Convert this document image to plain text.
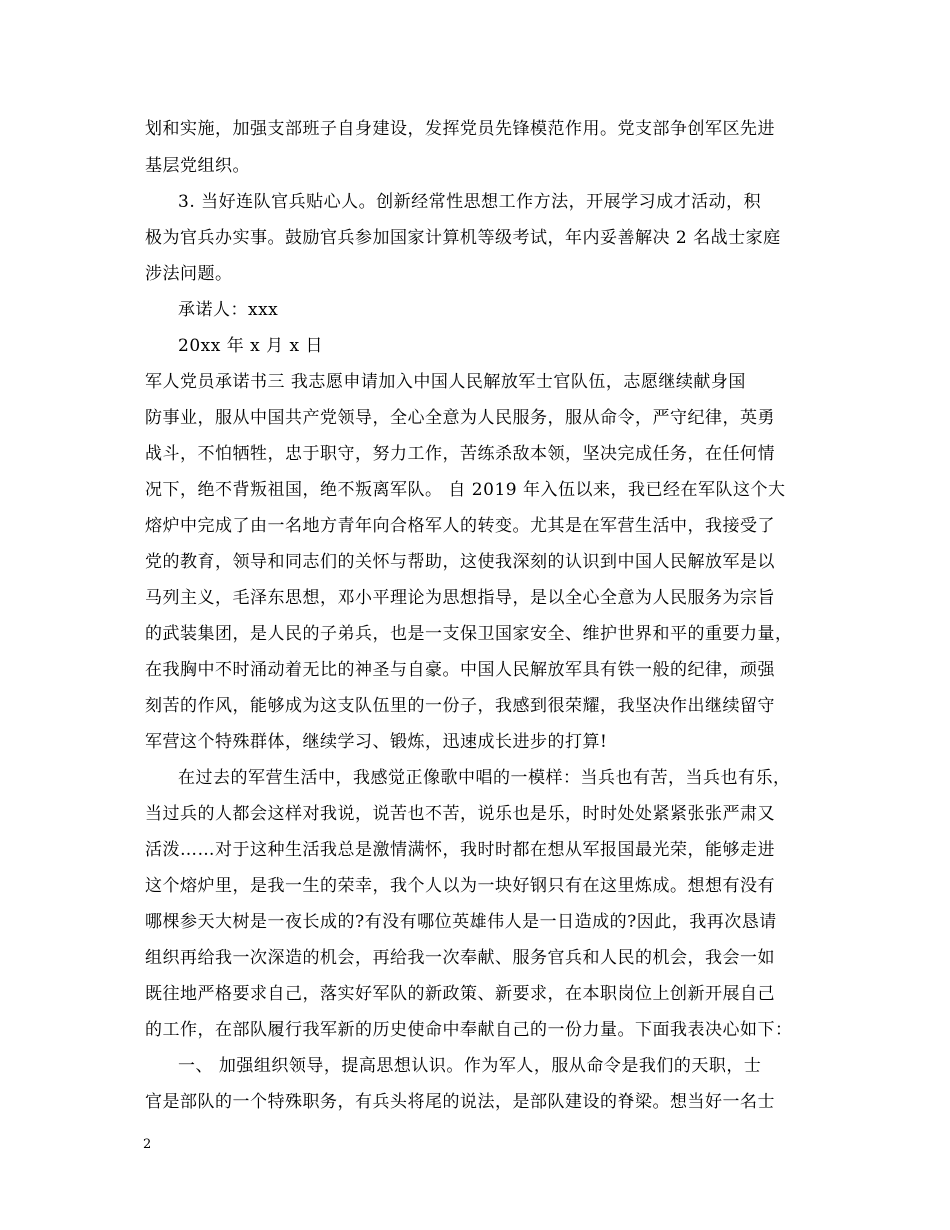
划和实施，加强支部班子自身建设，发挥党员先锋模范作用。党支部争创军区先进
基层党组织。
3. 当好连队官兵贴心人。创新经常性思想工作方法，开展学习成才活动，积
极为官兵办实事。鼓励官兵参加国家计算机等级考试，年内妥善解决 2 名战士家庭
涉法问题。
承诺人：xxx
20xx 年 x 月 x 日
军人党员承诺书三 我志愿申请加入中国人民解放军士官队伍，志愿继续献身国
防事业，服从中国共产党领导，全心全意为人民服务，服从命令，严守纪律，英勇
战斗，不怕牺牲，忠于职守，努力工作，苦练杀敌本领，坚决完成任务，在任何情
况下，绝不背叛祖国，绝不叛离军队。 自 2019 年入伍以来，我已经在军队这个大
熔炉中完成了由一名地方青年向合格军人的转变。尤其是在军营生活中，我接受了
党的教育，领导和同志们的关怀与帮助，这使我深刻的认识到中国人民解放军是以
马列主义，毛泽东思想，邓小平理论为思想指导，是以全心全意为人民服务为宗旨
的武装集团，是人民的子弟兵，也是一支保卫国家安全、维护世界和平的重要力量，
在我胸中不时涌动着无比的神圣与自豪。中国人民解放军具有铁一般的纪律，顽强
刻苦的作风，能够成为这支队伍里的一份子，我感到很荣耀，我坚决作出继续留守
军营这个特殊群体，继续学习、锻炼，迅速成长进步的打算!
在过去的军营生活中，我感觉正像歌中唱的一模样：当兵也有苦，当兵也有乐，
当过兵的人都会这样对我说，说苦也不苦，说乐也是乐，时时处处紧紧张张严肃又
活泼……对于这种生活我总是激情满怀，我时时都在想从军报国最光荣，能够走进
这个熔炉里，是我一生的荣幸，我个人以为一块好钢只有在这里炼成。想想有没有
哪棵参天大树是一夜长成的?有没有哪位英雄伟人是一日造成的?因此，我再次恳请
组织再给我一次深造的机会，再给我一次奉献、服务官兵和人民的机会，我会一如
既往地严格要求自己，落实好军队的新政策、新要求，在本职岗位上创新开展自己
的工作，在部队履行我军新的历史使命中奉献自己的一份力量。下面我表决心如下：
一、 加强组织领导，提高思想认识。作为军人，服从命令是我们的天职，士
官是部队的一个特殊职务，有兵头将尾的说法，是部队建设的脊梁。想当好一名士
2
